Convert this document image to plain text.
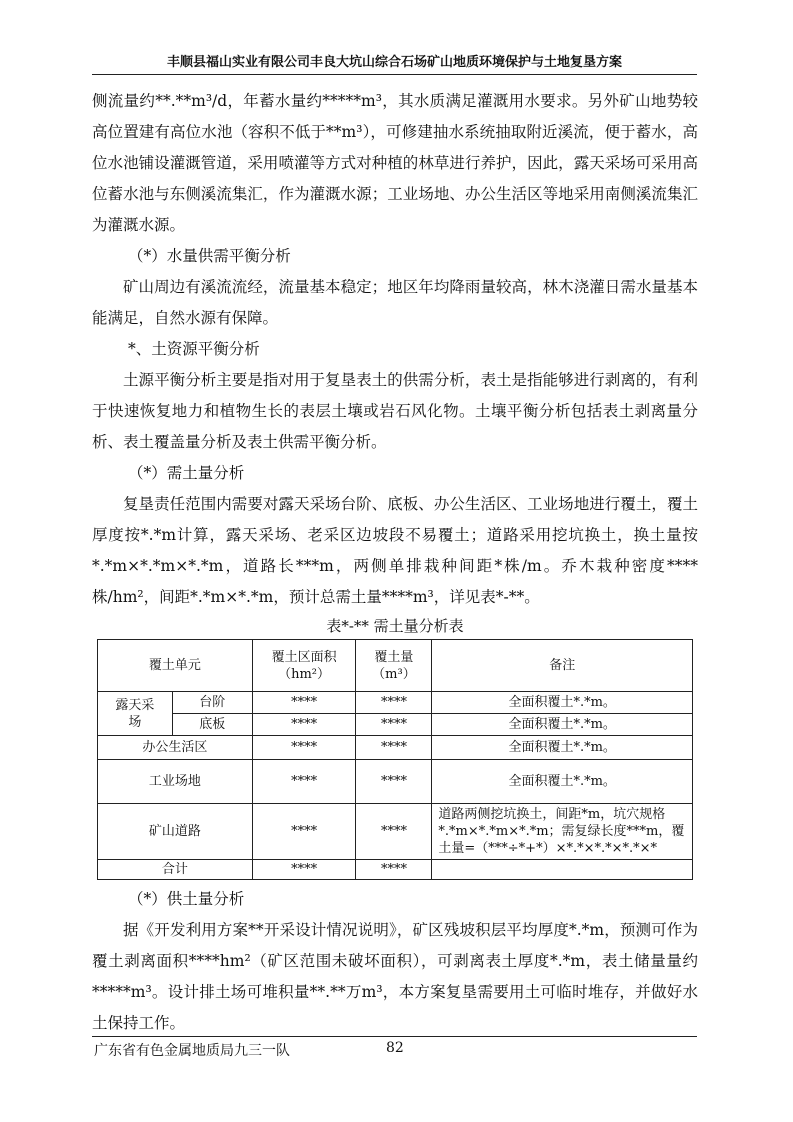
丰顺县福山实业有限公司丰良大坑山综合石场矿山地质环境保护与土地复垦方案

侧流量约**.**m³/d，年蓄水量约*****m³，其水质满足灌溉用水要求。另外矿山地势较高位置建有高位水池（容积不低于**m³），可修建抽水系统抽取附近溪流，便于蓄水，高位水池铺设灌溉管道，采用喷灌等方式对种植的林草进行养护，因此，露天采场可采用高位蓄水池与东侧溪流集汇，作为灌溉水源；工业场地、办公生活区等地采用南侧溪流集汇为灌溉水源。

（*）水量供需平衡分析

矿山周边有溪流流经，流量基本稳定；地区年均降雨量较高，林木浇灌日需水量基本能满足，自然水源有保障。

*、土资源平衡分析

土源平衡分析主要是指对用于复垦表土的供需分析，表土是指能够进行剥离的，有利于快速恢复地力和植物生长的表层土壤或岩石风化物。土壤平衡分析包括表土剥离量分析、表土覆盖量分析及表土供需平衡分析。

（*）需土量分析

复垦责任范围内需要对露天采场台阶、底板、办公生活区、工业场地进行覆土，覆土厚度按*.*m计算，露天采场、老采区边坡段不易覆土；道路采用挖坑换土，换土量按*.*m×*.*m×*.*m，道路长***m，两侧单排栽种间距*株/m。乔木栽种密度****株/hm²，间距*.*m×*.*m，预计总需土量****m³，详见表*-**。

表*-** 需土量分析表

覆土单元		覆土区面积（hm²）	覆土量（m³）	备注
露天采场	台阶	****	****	全面积覆土*.*m。
	底板	****	****	全面积覆土*.*m。
办公生活区		****	****	全面积覆土*.*m。
工业场地		****	****	全面积覆土*.*m。
矿山道路		****	****	道路两侧挖坑换土，间距*m，坑穴规格*.*m×*.*m×*.*m；需复绿长度***m，覆土量=（***÷*+*）×*.*×*.*×*.*×*
合计		****	****	

（*）供土量分析

据《开发利用方案**开采设计情况说明》，矿区残坡积层平均厚度*.*m，预测可作为覆土剥离面积****hm²（矿区范围未破坏面积），可剥离表土厚度*.*m，表土储量量约*****m³。设计排土场可堆积量**.**万m³，本方案复垦需要用土可临时堆存，并做好水土保持工作。

广东省有色金属地质局九三一队	82
